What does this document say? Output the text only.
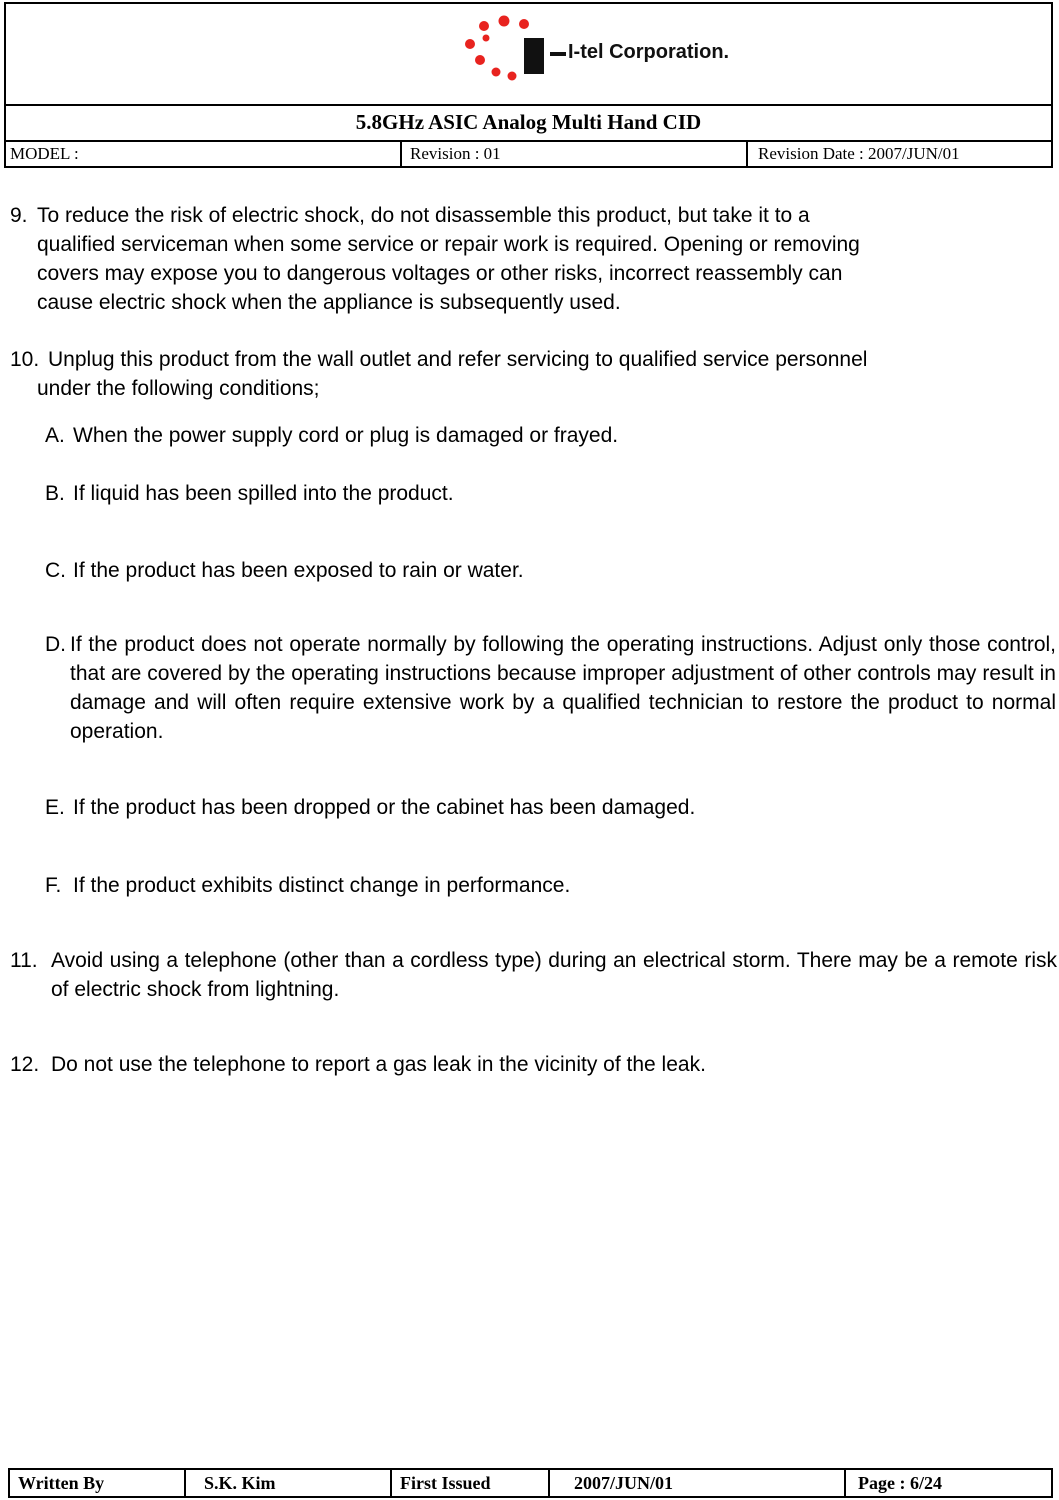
I-tel Corporation.
5.8GHz ASIC Analog Multi Hand CID
MODEL :	Revision : 01	Revision Date : 2007/JUN/01
9. To reduce the risk of electric shock, do not disassemble this product, but take it to a
qualified serviceman when some service or repair work is required. Opening or removing
covers may expose you to dangerous voltages or other risks, incorrect reassembly can
cause electric shock when the appliance is subsequently used.
10. Unplug this product from the wall outlet and refer servicing to qualified service personnel
under the following conditions;
A. When the power supply cord or plug is damaged or frayed.
B. If liquid has been spilled into the product.
C. If the product has been exposed to rain or water.
D. If the product does not operate normally by following the operating instructions. Adjust only those control, that are covered by the operating instructions because improper adjustment of other controls may result in damage and will often require extensive work by a qualified technician to restore the product to normal operation.
E. If the product has been dropped or the cabinet has been damaged.
F. If the product exhibits distinct change in performance.
11. Avoid using a telephone (other than a cordless type) during an electrical storm. There may be a remote risk of electric shock from lightning.
12. Do not use the telephone to report a gas leak in the vicinity of the leak.
Written By	S.K. Kim	First Issued	2007/JUN/01	Page : 6/24
